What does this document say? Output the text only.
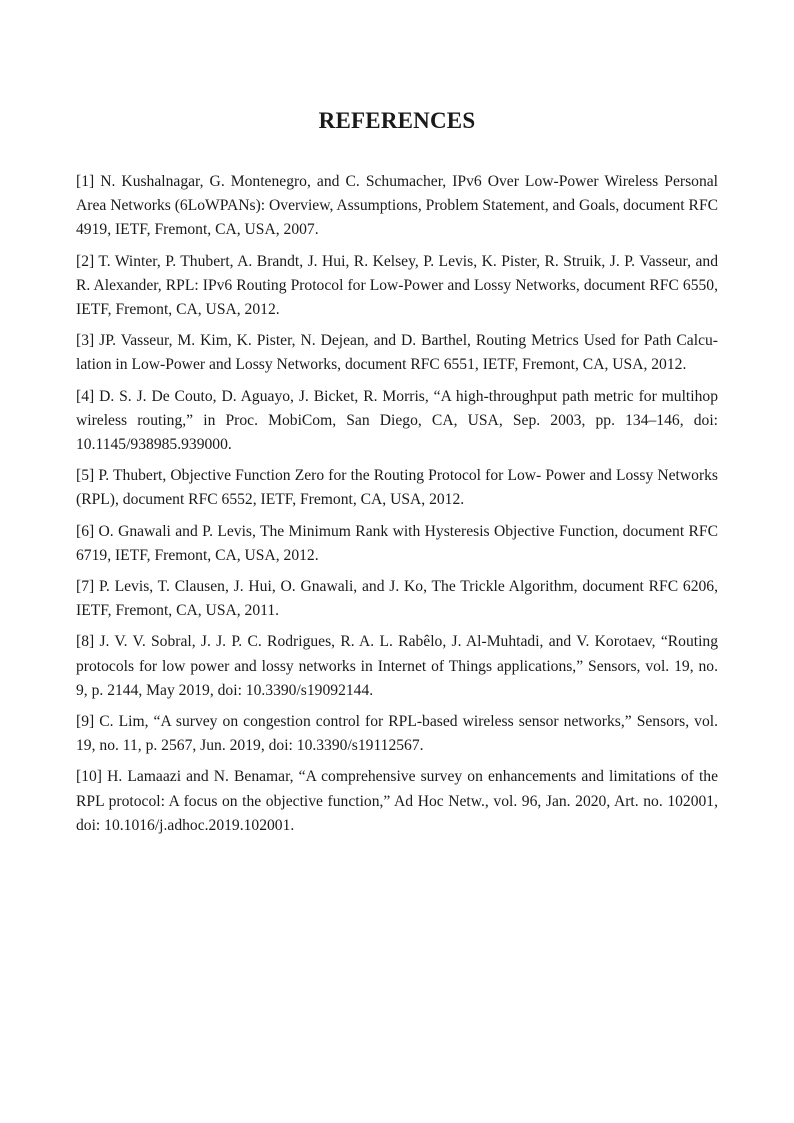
REFERENCES
[1] N. Kushalnagar, G. Montenegro, and C. Schumacher, IPv6 Over Low-Power Wireless Personal Area Networks (6LoWPANs): Overview, Assumptions, Problem Statement, and Goals, document RFC 4919, IETF, Fremont, CA, USA, 2007.
[2] T. Winter, P. Thubert, A. Brandt, J. Hui, R. Kelsey, P. Levis, K. Pister, R. Struik, J. P. Vasseur, and R. Alexander, RPL: IPv6 Routing Protocol for Low-Power and Lossy Networks, document RFC 6550, IETF, Fremont, CA, USA, 2012.
[3] JP. Vasseur, M. Kim, K. Pister, N. Dejean, and D. Barthel, Routing Metrics Used for Path Calculation in Low-Power and Lossy Networks, document RFC 6551, IETF, Fremont, CA, USA, 2012.
[4] D. S. J. De Couto, D. Aguayo, J. Bicket, R. Morris, “A high-throughput path metric for multihop wireless routing,” in Proc. MobiCom, San Diego, CA, USA, Sep. 2003, pp. 134–146, doi: 10.1145/938985.939000.
[5] P. Thubert, Objective Function Zero for the Routing Protocol for Low- Power and Lossy Networks (RPL), document RFC 6552, IETF, Fremont, CA, USA, 2012.
[6] O. Gnawali and P. Levis, The Minimum Rank with Hysteresis Objective Function, document RFC 6719, IETF, Fremont, CA, USA, 2012.
[7] P. Levis, T. Clausen, J. Hui, O. Gnawali, and J. Ko, The Trickle Algorithm, document RFC 6206, IETF, Fremont, CA, USA, 2011.
[8] J. V. V. Sobral, J. J. P. C. Rodrigues, R. A. L. Rabêlo, J. Al-Muhtadi, and V. Korotaev, “Routing protocols for low power and lossy networks in Internet of Things applications,” Sensors, vol. 19, no. 9, p. 2144, May 2019, doi: 10.3390/s19092144.
[9] C. Lim, “A survey on congestion control for RPL-based wireless sensor networks,” Sensors, vol. 19, no. 11, p. 2567, Jun. 2019, doi: 10.3390/s19112567.
[10] H. Lamaazi and N. Benamar, “A comprehensive survey on enhancements and limitations of the RPL protocol: A focus on the objective function,” Ad Hoc Netw., vol. 96, Jan. 2020, Art. no. 102001, doi: 10.1016/j.adhoc.2019.102001.
